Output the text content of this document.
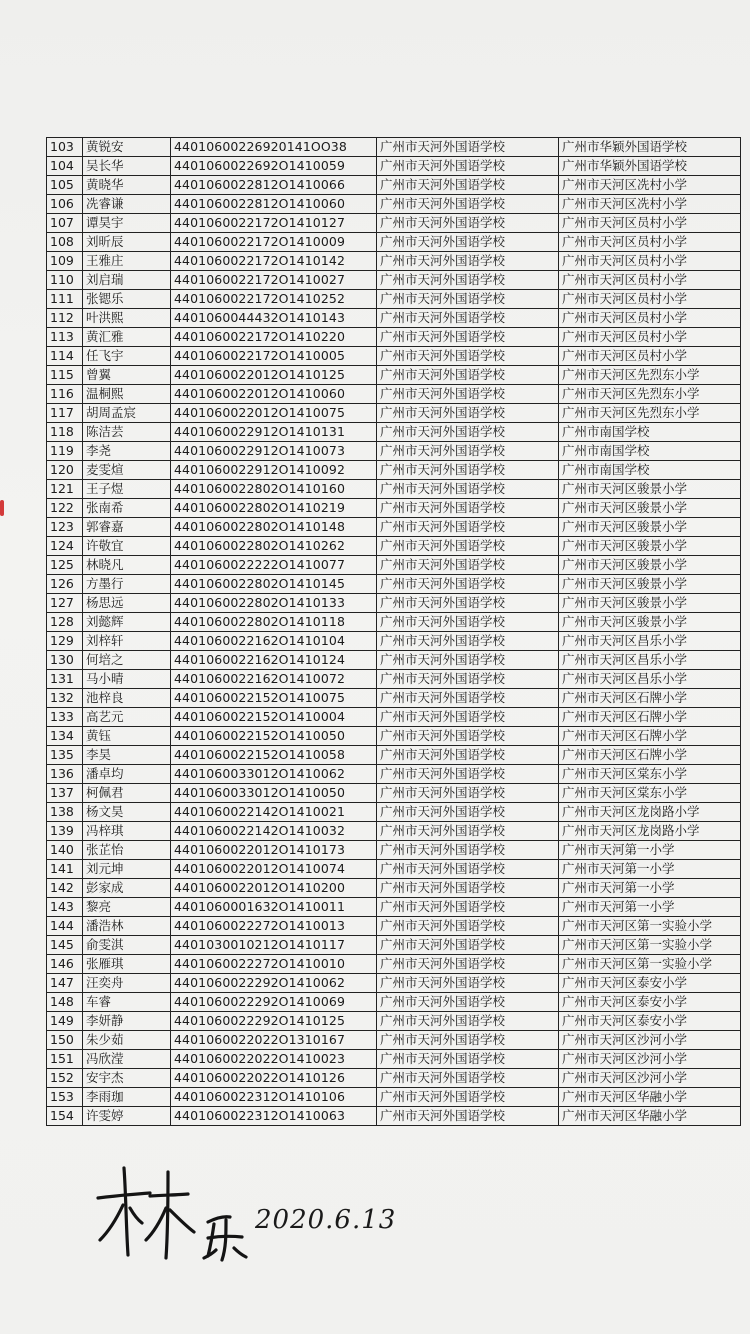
103	黄锐安	44010600226920141OO38	广州市天河外国语学校	广州市华颖外国语学校
104	吴长华	4401060022692O1410059	广州市天河外国语学校	广州市华颖外国语学校
105	黄晓华	4401060022812O1410066	广州市天河外国语学校	广州市天河区冼村小学
106	冼睿谦	4401060022812O1410060	广州市天河外国语学校	广州市天河区冼村小学
107	谭昊宇	4401060022172O1410127	广州市天河外国语学校	广州市天河区员村小学
108	刘昕辰	4401060022172O1410009	广州市天河外国语学校	广州市天河区员村小学
109	王雅庄	4401060022172O1410142	广州市天河外国语学校	广州市天河区员村小学
110	刘启瑞	4401060022172O1410027	广州市天河外国语学校	广州市天河区员村小学
111	张锶乐	4401060022172O1410252	广州市天河外国语学校	广州市天河区员村小学
112	叶洪熙	4401060044432O1410143	广州市天河外国语学校	广州市天河区员村小学
113	黄汇雅	4401060022172O1410220	广州市天河外国语学校	广州市天河区员村小学
114	任飞宇	4401060022172O1410005	广州市天河外国语学校	广州市天河区员村小学
115	曾翼	4401060022012O1410125	广州市天河外国语学校	广州市天河区先烈东小学
116	温桐熙	4401060022012O1410060	广州市天河外国语学校	广州市天河区先烈东小学
117	胡周孟宸	4401060022012O1410075	广州市天河外国语学校	广州市天河区先烈东小学
118	陈洁芸	4401060022912O1410131	广州市天河外国语学校	广州市南国学校
119	李尧	4401060022912O1410073	广州市天河外国语学校	广州市南国学校
120	麦雯煊	4401060022912O1410092	广州市天河外国语学校	广州市南国学校
121	王子煜	4401060022802O1410160	广州市天河外国语学校	广州市天河区骏景小学
122	张南希	4401060022802O1410219	广州市天河外国语学校	广州市天河区骏景小学
123	郭睿嘉	4401060022802O1410148	广州市天河外国语学校	广州市天河区骏景小学
124	许敬宜	4401060022802O1410262	广州市天河外国语学校	广州市天河区骏景小学
125	林晓凡	4401060022222O1410077	广州市天河外国语学校	广州市天河区骏景小学
126	方墨行	4401060022802O1410145	广州市天河外国语学校	广州市天河区骏景小学
127	杨思远	4401060022802O1410133	广州市天河外国语学校	广州市天河区骏景小学
128	刘懿辉	4401060022802O1410118	广州市天河外国语学校	广州市天河区骏景小学
129	刘梓轩	4401060022162O1410104	广州市天河外国语学校	广州市天河区昌乐小学
130	何培之	4401060022162O1410124	广州市天河外国语学校	广州市天河区昌乐小学
131	马小晴	4401060022162O1410072	广州市天河外国语学校	广州市天河区昌乐小学
132	池梓良	4401060022152O1410075	广州市天河外国语学校	广州市天河区石牌小学
133	高艺元	4401060022152O1410004	广州市天河外国语学校	广州市天河区石牌小学
134	黄钰	4401060022152O1410050	广州市天河外国语学校	广州市天河区石牌小学
135	李昊	4401060022152O1410058	广州市天河外国语学校	广州市天河区石牌小学
136	潘卓均	4401060033012O1410062	广州市天河外国语学校	广州市天河区棠东小学
137	柯佩君	4401060033012O1410050	广州市天河外国语学校	广州市天河区棠东小学
138	杨文昊	4401060022142O1410021	广州市天河外国语学校	广州市天河区龙岗路小学
139	冯梓琪	4401060022142O1410032	广州市天河外国语学校	广州市天河区龙岗路小学
140	张芷怡	4401060022012O1410173	广州市天河外国语学校	广州市天河第一小学
141	刘元坤	4401060022012O1410074	广州市天河外国语学校	广州市天河第一小学
142	彭家成	4401060022012O1410200	广州市天河外国语学校	广州市天河第一小学
143	黎亮	4401060001632O1410011	广州市天河外国语学校	广州市天河第一小学
144	潘浩林	4401060022272O1410013	广州市天河外国语学校	广州市天河区第一实验小学
145	俞雯淇	4401030010212O1410117	广州市天河外国语学校	广州市天河区第一实验小学
146	张雁琪	4401060022272O1410010	广州市天河外国语学校	广州市天河区第一实验小学
147	汪奕舟	4401060022292O1410062	广州市天河外国语学校	广州市天河区泰安小学
148	车睿	4401060022292O1410069	广州市天河外国语学校	广州市天河区泰安小学
149	李妍静	4401060022292O1410125	广州市天河外国语学校	广州市天河区泰安小学
150	朱少茹	4401060022022O1310167	广州市天河外国语学校	广州市天河区沙河小学
151	冯欣滢	4401060022022O1410023	广州市天河外国语学校	广州市天河区沙河小学
152	安宇杰	4401060022022O1410126	广州市天河外国语学校	广州市天河区沙河小学
153	李雨珈	4401060022312O1410106	广州市天河外国语学校	广州市天河区华融小学
154	许雯婷	4401060022312O1410063	广州市天河外国语学校	广州市天河区华融小学
2020.6.13
